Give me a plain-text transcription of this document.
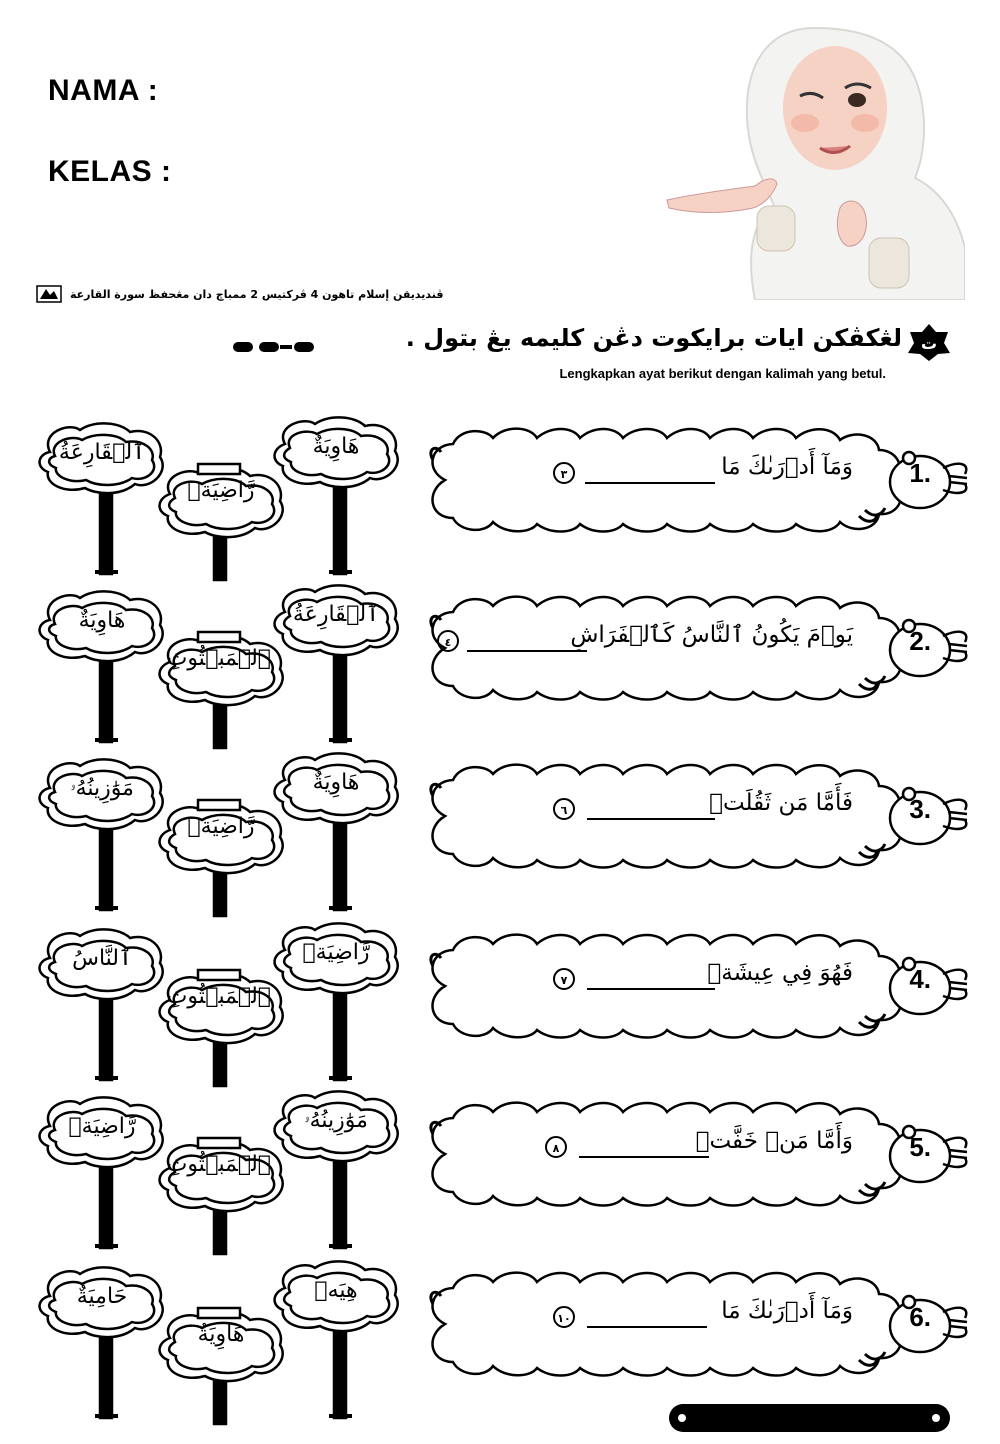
NAMA :
KELAS :
ڤنديديقن إسلام تاهون 4 ڤركتيس 2 ممباچ دان مڠحفظ سورة القارعة
لڠكڤكن ايات برايكوت دڠن كليمه يڠ بتول .
Lengkapkan ayat berikut dengan kalimah yang betul.
ت
ٱلۡقَارِعَةُ	هَاوِيَةٌ
رَّاضِيَةٖ
1.
وَمَآ أَدۡرَىٰكَ مَا
٣
هَاوِيَةٌ	ٱلۡقَارِعَةُ
ٱلۡمَبۡثُوثِ
2.
يَوۡمَ يَكُونُ ٱلنَّاسُ كَٱلۡفَرَاشِ
٤
مَوَٰزِينُهُۥ	هَاوِيَةٌ
رَّاضِيَةٖ
3.
فَأَمَّا مَن ثَقُلَتۡ
٦
ٱلنَّاسُ	رَّاضِيَةٖ
ٱلۡمَبۡثُوثِ
4.
فَهُوَ فِي عِيشَةٖ
٧
رَّاضِيَةٖ	مَوَٰزِينُهُۥ
ٱلۡمَبۡثُوثِ
5.
وَأَمَّا مَنۡ خَفَّتۡ
٨
حَامِيَةٌ	هِيَهۡ
هَاوِيَةٌ
6.
وَمَآ أَدۡرَىٰكَ مَا
١٠
